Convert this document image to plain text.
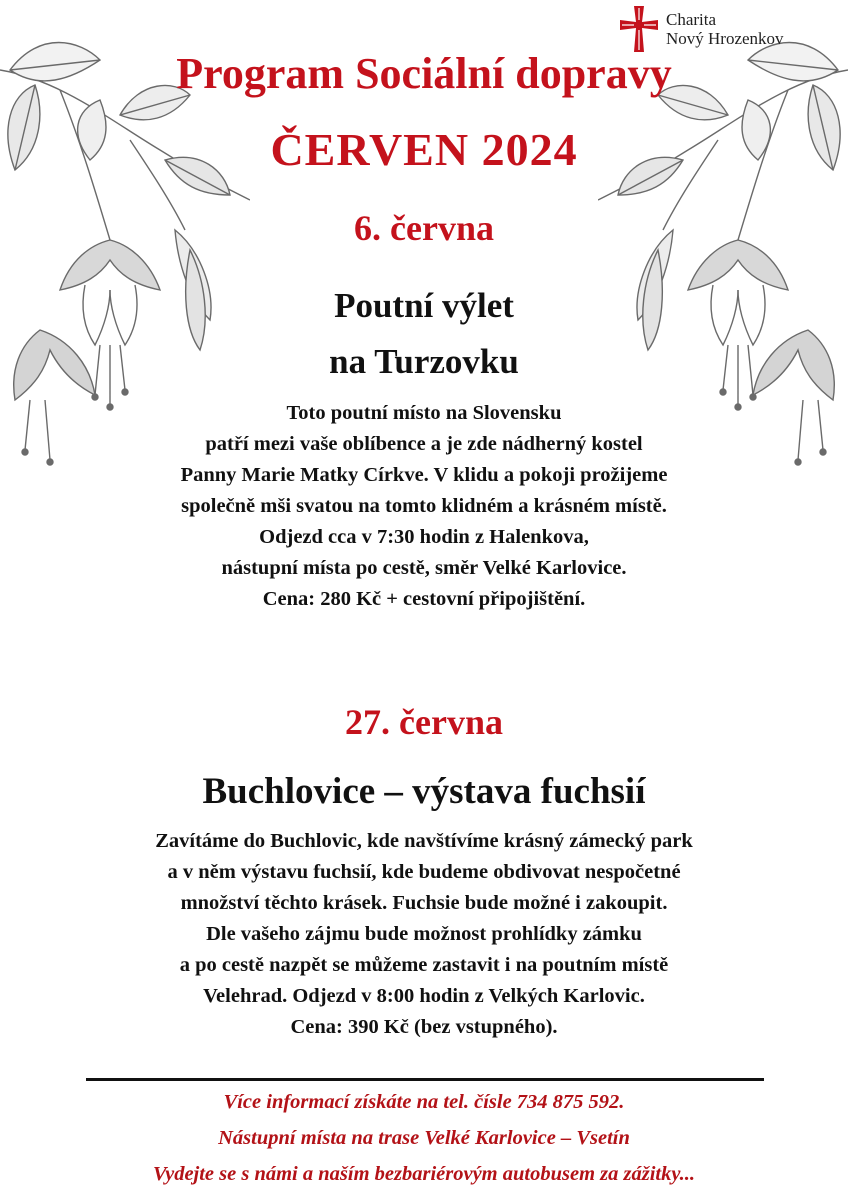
Charita
Nový Hrozenkov
Program Sociální dopravy
ČERVEN 2024
6. června
Poutní výlet
na Turzovku
Toto poutní místo na Slovensku
patří mezi vaše oblíbence a je zde nádherný kostel
Panny Marie Matky Církve. V klidu a pokoji prožijeme
společně mši svatou na tomto klidném a krásném místě.
Odjezd cca v 7:30 hodin z Halenkova,
nástupní místa po cestě, směr Velké Karlovice.
Cena: 280 Kč + cestovní připojištění.
27. června
Buchlovice – výstava fuchsií
Zavítáme do Buchlovic, kde navštívíme krásný zámecký park
a v něm výstavu fuchsií, kde budeme obdivovat nespočetné
množství těchto krásek. Fuchsie bude možné i zakoupit.
Dle vašeho zájmu bude možnost prohlídky zámku
a po cestě nazpět se můžeme zastavit i na poutním místě
Velehrad. Odjezd v 8:00 hodin z Velkých Karlovic.
Cena: 390 Kč (bez vstupného).
Více informací získáte na tel. čísle 734 875 592.
Nástupní místa na trase Velké Karlovice – Vsetín
Vydejte se s námi a naším bezbariérovým autobusem za zážitky...
